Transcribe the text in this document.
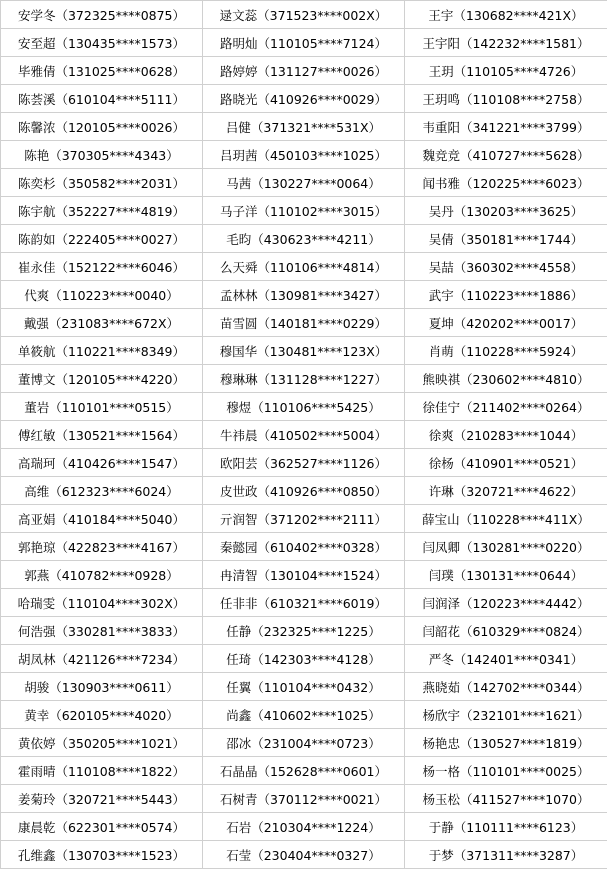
安学冬（372325****0875）	逯文蕊（371523****002X）	王宇（130682****421X）
安至超（130435****1573）	路明灿（110105****7124）	王宇阳（142232****1581）
毕雅倩（131025****0628）	路婷婷（131127****0026）	王玥（110105****4726）
陈荟溪（610104****5111）	路晓光（410926****0029）	王玥鸣（110108****2758）
陈馨浓（120105****0026）	吕健（371321****531X）	韦重阳（341221****3799）
陈艳（370305****4343）	吕玥茜（450103****1025）	魏竞竞（410727****5628）
陈奕杉（350582****2031）	马茜（130227****0064）	闻书雅（120225****6023）
陈宇航（352227****4819）	马子洋（110102****3015）	吴丹（130203****3625）
陈韵如（222405****0027）	毛昀（430623****4211）	吴倩（350181****1744）
崔永佳（152122****6046）	么天舜（110106****4814）	吴喆（360302****4558）
代爽（110223****0040）	孟林林（130981****3427）	武宇（110223****1886）
戴强（231083****672X）	苗雪圆（140181****0229）	夏坤（420202****0017）
单筱航（110221****8349）	穆国华（130481****123X）	肖萌（110228****5924）
董博文（120105****4220）	穆琳琳（131128****1227）	熊映祺（230602****4810）
董岩（110101****0515）	穆煜（110106****5425）	徐佳宁（211402****0264）
傅红敏（130521****1564）	牛祎晨（410502****5004）	徐爽（210283****1044）
高瑞珂（410426****1547）	欧阳芸（362527****1126）	徐杨（410901****0521）
高维（612323****6024）	皮世政（410926****0850）	许琳（320721****4622）
高亚娟（410184****5040）	亓润智（371202****2111）	薛宝山（110228****411X）
郭艳琼（422823****4167）	秦懿园（610402****0328）	闫凤卿（130281****0220）
郭燕（410782****0928）	冉清智（130104****1524）	闫璞（130131****0644）
哈瑞雯（110104****302X）	任非非（610321****6019）	闫润泽（120223****4442）
何浩强（330281****3833）	任静（232325****1225）	闫韶花（610329****0824）
胡凤林（421126****7234）	任琦（142303****4128）	严冬（142401****0341）
胡骏（130903****0611）	任翼（110104****0432）	燕晓茹（142702****0344）
黄幸（620105****4020）	尚鑫（410602****1025）	杨欣宇（232101****1621）
黄依婷（350205****1021）	邵冰（231004****0723）	杨艳忠（130527****1819）
霍雨晴（110108****1822）	石晶晶（152628****0601）	杨一格（110101****0025）
姜菊玲（320721****5443）	石树青（370112****0021）	杨玉松（411527****1070）
康晨乾（622301****0574）	石岩（210304****1224）	于静（110111****6123）
孔维鑫（130703****1523）	石莹（230404****0327）	于梦（371311****3287）
